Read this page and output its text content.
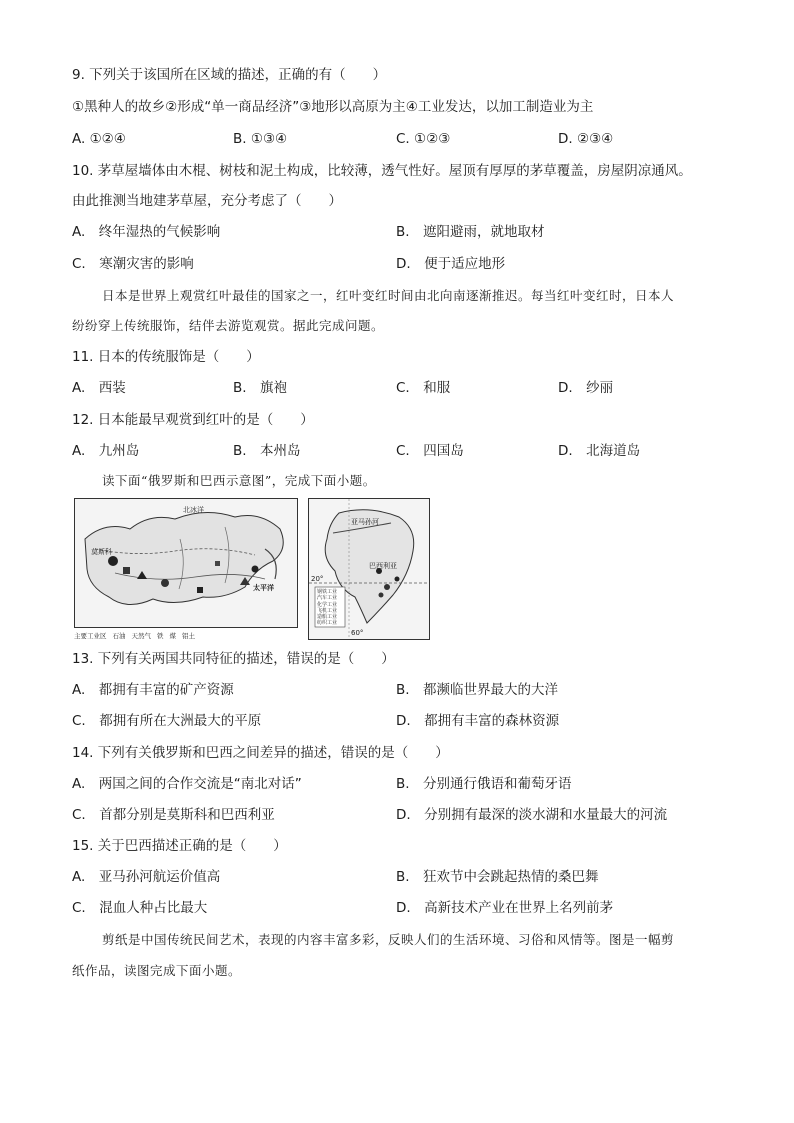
9. 下列关于该国所在区域的描述，正确的有（　　）
①黑种人的故乡②形成“单一商品经济”③地形以高原为主④工业发达，以加工制造业为主
A. ①②④	B. ①③④	C. ①②③	D. ②③④
10. 茅草屋墙体由木棍、树枝和泥土构成，比较薄，透气性好。屋顶有厚厚的茅草覆盖，房屋阴凉通风。
由此推测当地建茅草屋，充分考虑了（　　）
A.　终年湿热的气候影响	B.　遮阳避雨，就地取材
C.　寒潮灾害的影响	D.　便于适应地形
日本是世界上观赏红叶最佳的国家之一，红叶变红时间由北向南逐渐推迟。每当红叶变红时，日本人
纷纷穿上传统服饰，结伴去游览观赏。据此完成问题。
11. 日本的传统服饰是（　　）
A.　西装	B.　旗袍	C.　和服	D.　纱丽
12. 日本能最早观赏到红叶的是（　　）
A.　九州岛	B.　本州岛	C.　四国岛	D.　北海道岛
读下面“俄罗斯和巴西示意图”，完成下面小题。
北冰洋
莫斯科
太平洋
主要工业区 石油 天然气 铁 煤 铝土
亚马孙河
巴西利亚
20°
60°
钢铁工业
汽车工业
化学工业
飞机工业
造船工业
纺织工业
13. 下列有关两国共同特征的描述，错误的是（　　）
A.　都拥有丰富的矿产资源	B.　都濒临世界最大的大洋
C.　都拥有所在大洲最大的平原	D.　都拥有丰富的森林资源
14. 下列有关俄罗斯和巴西之间差异的描述，错误的是（　　）
A.　两国之间的合作交流是“南北对话”	B.　分别通行俄语和葡萄牙语
C.　首都分别是莫斯科和巴西利亚	D.　分别拥有最深的淡水湖和水量最大的河流
15. 关于巴西描述正确的是（　　）
A.　亚马孙河航运价值高	B.　狂欢节中会跳起热情的桑巴舞
C.　混血人种占比最大	D.　高新技术产业在世界上名列前茅
剪纸是中国传统民间艺术，表现的内容丰富多彩，反映人们的生活环境、习俗和风情等。图是一幅剪
纸作品，读图完成下面小题。
